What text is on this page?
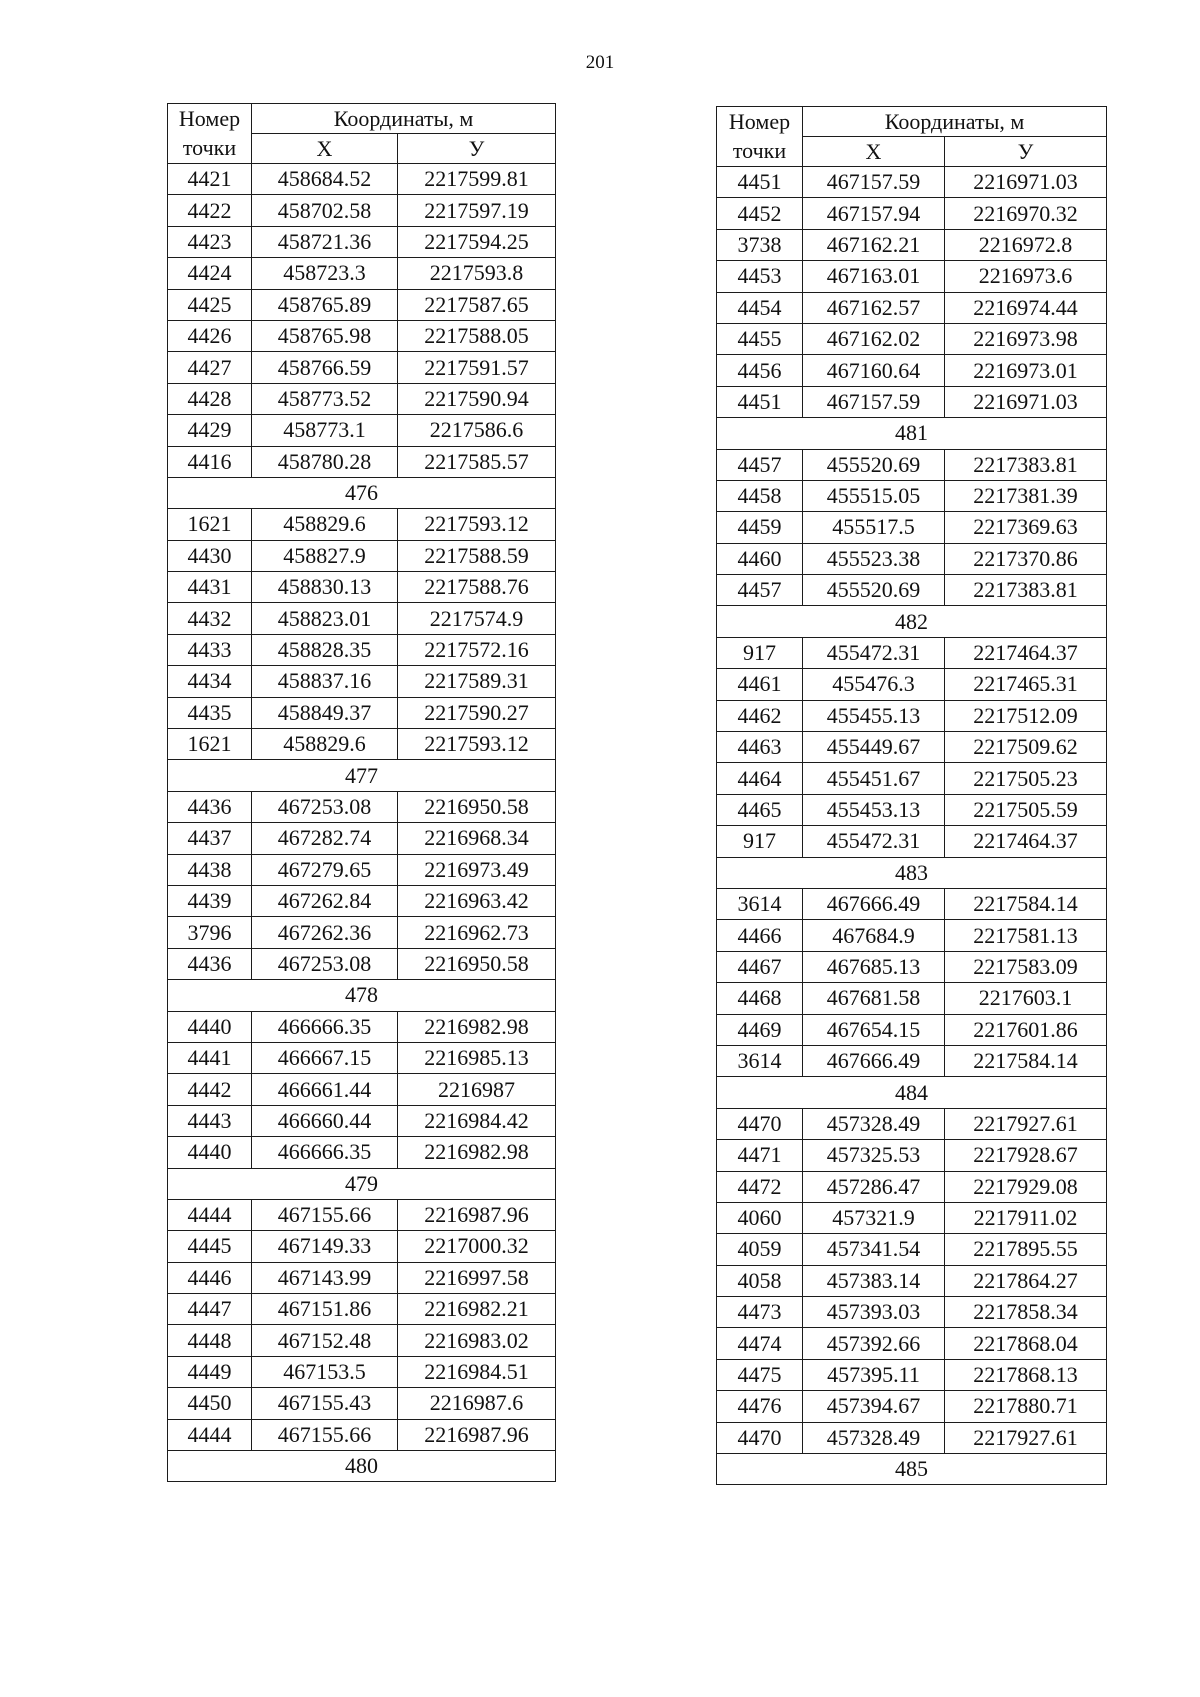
201
Номер	Координаты, м	
точки	X	У
4421	458684.52	2217599.81
4422	458702.58	2217597.19
4423	458721.36	2217594.25
4424	458723.3	2217593.8
4425	458765.89	2217587.65
4426	458765.98	2217588.05
4427	458766.59	2217591.57
4428	458773.52	2217590.94
4429	458773.1	2217586.6
4416	458780.28	2217585.57
476		
1621	458829.6	2217593.12
4430	458827.9	2217588.59
4431	458830.13	2217588.76
4432	458823.01	2217574.9
4433	458828.35	2217572.16
4434	458837.16	2217589.31
4435	458849.37	2217590.27
1621	458829.6	2217593.12
477		
4436	467253.08	2216950.58
4437	467282.74	2216968.34
4438	467279.65	2216973.49
4439	467262.84	2216963.42
3796	467262.36	2216962.73
4436	467253.08	2216950.58
478		
4440	466666.35	2216982.98
4441	466667.15	2216985.13
4442	466661.44	2216987
4443	466660.44	2216984.42
4440	466666.35	2216982.98
479		
4444	467155.66	2216987.96
4445	467149.33	2217000.32
4446	467143.99	2216997.58
4447	467151.86	2216982.21
4448	467152.48	2216983.02
4449	467153.5	2216984.51
4450	467155.43	2216987.6
4444	467155.66	2216987.96
480		
Номер	Координаты, м	
точки	X	У
4451	467157.59	2216971.03
4452	467157.94	2216970.32
3738	467162.21	2216972.8
4453	467163.01	2216973.6
4454	467162.57	2216974.44
4455	467162.02	2216973.98
4456	467160.64	2216973.01
4451	467157.59	2216971.03
481		
4457	455520.69	2217383.81
4458	455515.05	2217381.39
4459	455517.5	2217369.63
4460	455523.38	2217370.86
4457	455520.69	2217383.81
482		
917	455472.31	2217464.37
4461	455476.3	2217465.31
4462	455455.13	2217512.09
4463	455449.67	2217509.62
4464	455451.67	2217505.23
4465	455453.13	2217505.59
917	455472.31	2217464.37
483		
3614	467666.49	2217584.14
4466	467684.9	2217581.13
4467	467685.13	2217583.09
4468	467681.58	2217603.1
4469	467654.15	2217601.86
3614	467666.49	2217584.14
484		
4470	457328.49	2217927.61
4471	457325.53	2217928.67
4472	457286.47	2217929.08
4060	457321.9	2217911.02
4059	457341.54	2217895.55
4058	457383.14	2217864.27
4473	457393.03	2217858.34
4474	457392.66	2217868.04
4475	457395.11	2217868.13
4476	457394.67	2217880.71
4470	457328.49	2217927.61
485		
